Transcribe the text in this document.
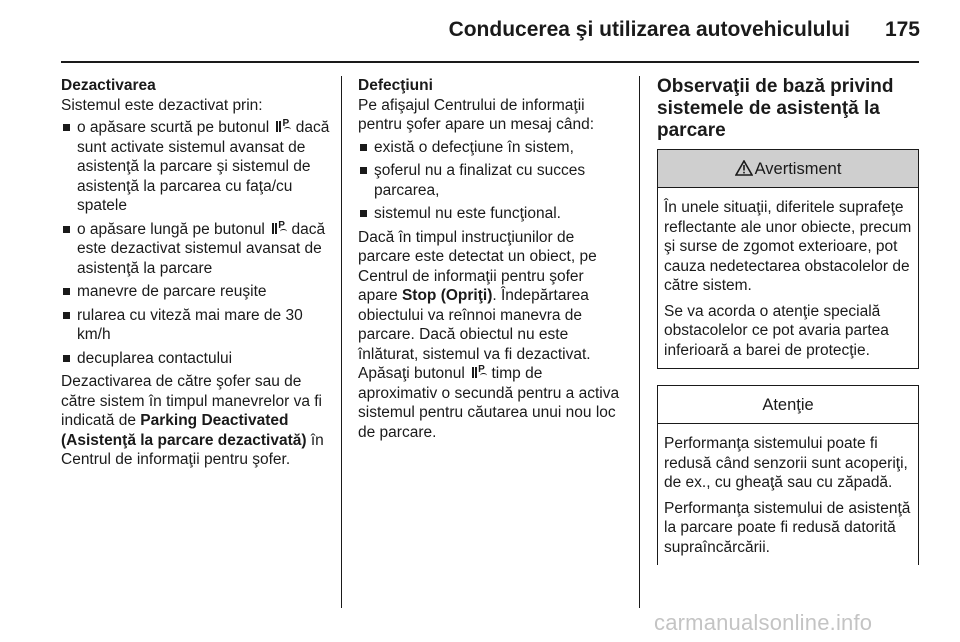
Conducerea şi utilizarea autovehiculului 175
Dezactivarea
Sistemul este dezactivat prin:
o apăsare scurtă pe butonul P dacă sunt activate sistemul avansat de asistenţă la parcare şi sistemul de asistenţă la parcarea cu faţa/cu spatele
o apăsare lungă pe butonul P dacă este dezactivat sistemul avansat de asistenţă la parcare
manevre de parcare reuşite
rularea cu viteză mai mare de 30 km/h
decuplarea contactului
Dezactivarea de către şofer sau de către sistem în timpul manevrelor va fi indicată de Parking Deactivated (Asistenţă la parcare dezactivată) în Centrul de informaţii pentru şofer.
Defecţiuni
Pe afişajul Centrului de informaţii pentru şofer apare un mesaj când:
există o defecţiune în sistem,
şoferul nu a finalizat cu succes parcarea,
sistemul nu este funcţional.
Dacă în timpul instrucţiunilor de parcare este detectat un obiect, pe Centrul de informaţii pentru şofer apare Stop (Opriţi). Îndepărtarea obiectului va reînnoi manevra de parcare. Dacă obiectul nu este înlăturat, sistemul va fi dezactivat. Apăsaţi butonul P timp de aproximativ o secundă pentru a activa sistemul pentru căutarea unui nou loc de parcare.
Observaţii de bază privind sistemele de asistenţă la parcare
Avertisment
În unele situaţii, diferitele suprafeţe reflectante ale unor obiecte, precum şi surse de zgomot exterioare, pot cauza nedetectarea obstacolelor de către sistem.
Se va acorda o atenţie specială obstacolelor ce pot avaria partea inferioară a barei de protecţie.
Atenţie
Performanţa sistemului poate fi redusă când senzorii sunt acoperiţi, de ex., cu gheaţă sau cu zăpadă.
Performanţa sistemului de asistenţă la parcare poate fi redusă datorită supraîncărcării.
carmanualsonline.info
